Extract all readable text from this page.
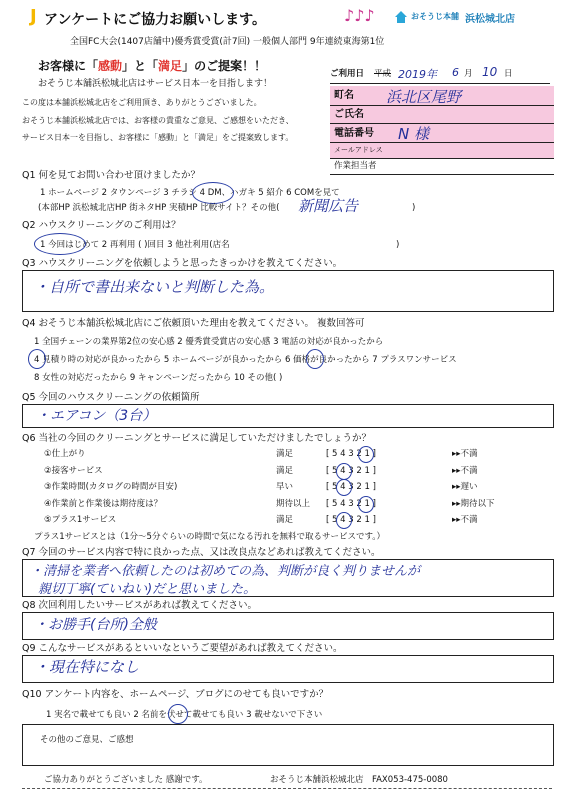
J アンケートにご協力お願いします。	♪♪♪	おそうじ本舗 浜松城北店
全国FC大会(1407店舗中)優秀賞受賞(計7回) 一般個人部門 9年連続東海第1位
お客様に「感動」と「満足」のご提案！！
おそうじ本舗浜松城北店はサービス日本一を目指します！
この度は本舗浜松城北店をご利用頂き、ありがとうございました。
おそうじ本舗浜松城北店では、お客様の貴重なご意見、ご感想をいただき、
サービス日本一を目指し、お客様に「感動」と「満足」をご提案致します。
ご利用日 平成 2019年 6 月 10 日
町名 浜北区尾野
ご氏名
電話番号 N 様
メールアドレス
作業担当者
Q1 何を見てお問い合わせ頂けましたか？
1 ホームページ 2 タウンページ 3 チラシ 4 DM、ハガキ 5 紹介 6 COMを見て
(本部HP 浜松城北店HP 街ネタHP 実積HP 比較サイト？その他( 新聞広告	)
Q2 ハウスクリーニングのご利用は？
1 今回はじめて 2 再利用 ( )回目 3 他社利用(店名	)
Q3 ハウスクリーニングを依頼しようと思ったきっかけを教えてください。
・自所で書出来ないと判断した為。
Q4 おそうじ本舗浜松城北店にご依頼頂いた理由を教えてください。 複数回答可
1 全国チェーンの業界第2位の安心感 2 優秀賞受賞店の安心感 3 電話の対応が良かったから
4 見積り時の対応が良かったから 5 ホームページが良かったから 6 価格が良かったから 7 プラスワンサービス
8 女性の対応だったから 9 キャンペーンだったから 10 その他( )
Q5 今回のハウスクリーニングの依頼箇所
・エアコン（3台）
Q6 当社の今回のクリーニングとサービスに満足していただけましたでしょうか？
①仕上がり	満足	[ 5 4 3 2 1 ]	▸▸不満
②接客サービス	満足	[ 5 4 3 2 1 ]	▸▸不満
③作業時間(カタログの時間が目安)	早い	[ 5 4 3 2 1 ]	▸▸遅い
④作業前と作業後は期待度は？	期待以上 [ 5 4 3 2 1 ]	▸▸期待以下
⑤プラス1サービス	満足	[ 5 4 3 2 1 ]	▸▸不満
プラス1サービスとは（1分～5分ぐらいの時間で気になる汚れを無料で取るサービスです。）
Q7 今回のサービス内容で特に良かった点、又は改良点などあれば教えてください。
・清掃を業者へ依頼したのは初めての為、判断が良く判りませんが
親切丁寧(ていねい)だと思いました。
Q8 次回利用したいサービスがあれば教えてください。
・お勝手(台所)全般
Q9 こんなサービスがあるといいなというご要望があれば教えてください。
・現在特になし
Q10 アンケート内容を、ホームページ、ブログにのせても良いですか？
1 実名で載せても良い 2 名前を伏せて載せても良い 3 載せないで下さい
その他のご意見、ご感想
ご協力ありがとうございました 感謝です。	おそうじ本舗浜松城北店 FAX053-475-0080
